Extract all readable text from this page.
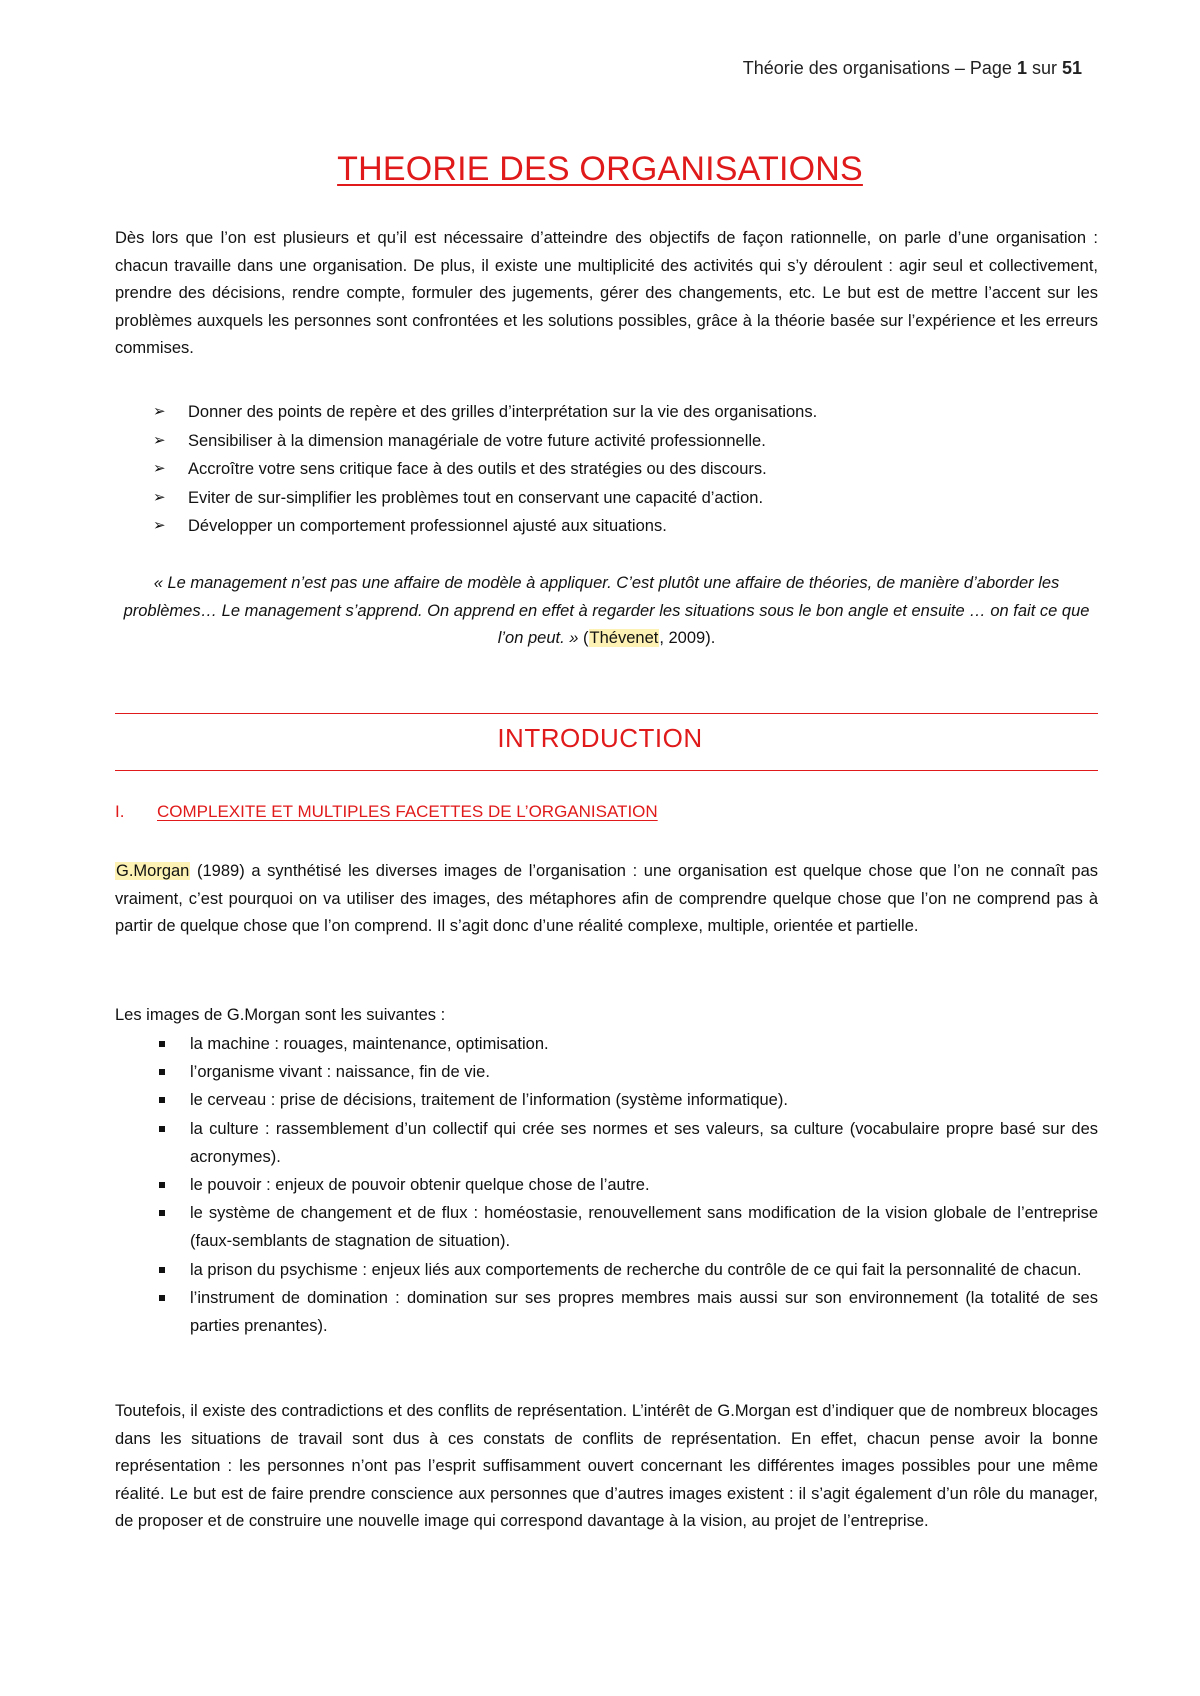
Théorie des organisations – Page 1 sur 51
THEORIE DES ORGANISATIONS

Dès lors que l’on est plusieurs et qu’il est nécessaire d’atteindre des objectifs de façon rationnelle, on parle d’une organisation : chacun travaille dans une organisation. De plus, il existe une multiplicité des activités qui s’y déroulent : agir seul et collectivement, prendre des décisions, rendre compte, formuler des jugements, gérer des changements, etc. Le but est de mettre l’accent sur les problèmes auxquels les personnes sont confrontées et les solutions possibles, grâce à la théorie basée sur l’expérience et les erreurs commises.

➢ Donner des points de repère et des grilles d’interprétation sur la vie des organisations.
➢ Sensibiliser à la dimension managériale de votre future activité professionnelle.
➢ Accroître votre sens critique face à des outils et des stratégies ou des discours.
➢ Eviter de sur-simplifier les problèmes tout en conservant une capacité d’action.
➢ Développer un comportement professionnel ajusté aux situations.
« Le management n’est pas une affaire de modèle à appliquer. C’est plutôt une affaire de théories, de manière d’aborder les problèmes… Le management s’apprend. On apprend en effet à regarder les situations sous le bon angle et ensuite … on fait ce que l’on peut. » (Thévenet, 2009).
INTRODUCTION
I. COMPLEXITE ET MULTIPLES FACETTES DE L’ORGANISATION

G.Morgan (1989) a synthétisé les diverses images de l’organisation : une organisation est quelque chose que l’on ne connaît pas vraiment, c’est pourquoi on va utiliser des images, des métaphores afin de comprendre quelque chose que l’on ne comprend pas à partir de quelque chose que l’on comprend. Il s’agit donc d’une réalité complexe, multiple, orientée et partielle.

Les images de G.Morgan sont les suivantes :
la machine : rouages, maintenance, optimisation.
l’organisme vivant : naissance, fin de vie.
le cerveau : prise de décisions, traitement de l’information (système informatique).
la culture : rassemblement d’un collectif qui crée ses normes et ses valeurs, sa culture (vocabulaire propre basé sur des acronymes).
le pouvoir : enjeux de pouvoir obtenir quelque chose de l’autre.
le système de changement et de flux : homéostasie, renouvellement sans modification de la vision globale de l’entreprise (faux-semblants de stagnation de situation).
la prison du psychisme : enjeux liés aux comportements de recherche du contrôle de ce qui fait la personnalité de chacun.
l’instrument de domination : domination sur ses propres membres mais aussi sur son environnement (la totalité de ses parties prenantes).

Toutefois, il existe des contradictions et des conflits de représentation. L’intérêt de G.Morgan est d’indiquer que de nombreux blocages dans les situations de travail sont dus à ces constats de conflits de représentation. En effet, chacun pense avoir la bonne représentation : les personnes n’ont pas l’esprit suffisamment ouvert concernant les différentes images possibles pour une même réalité. Le but est de faire prendre conscience aux personnes que d’autres images existent : il s’agit également d’un rôle du manager, de proposer et de construire une nouvelle image qui correspond davantage à la vision, au projet de l’entreprise.
